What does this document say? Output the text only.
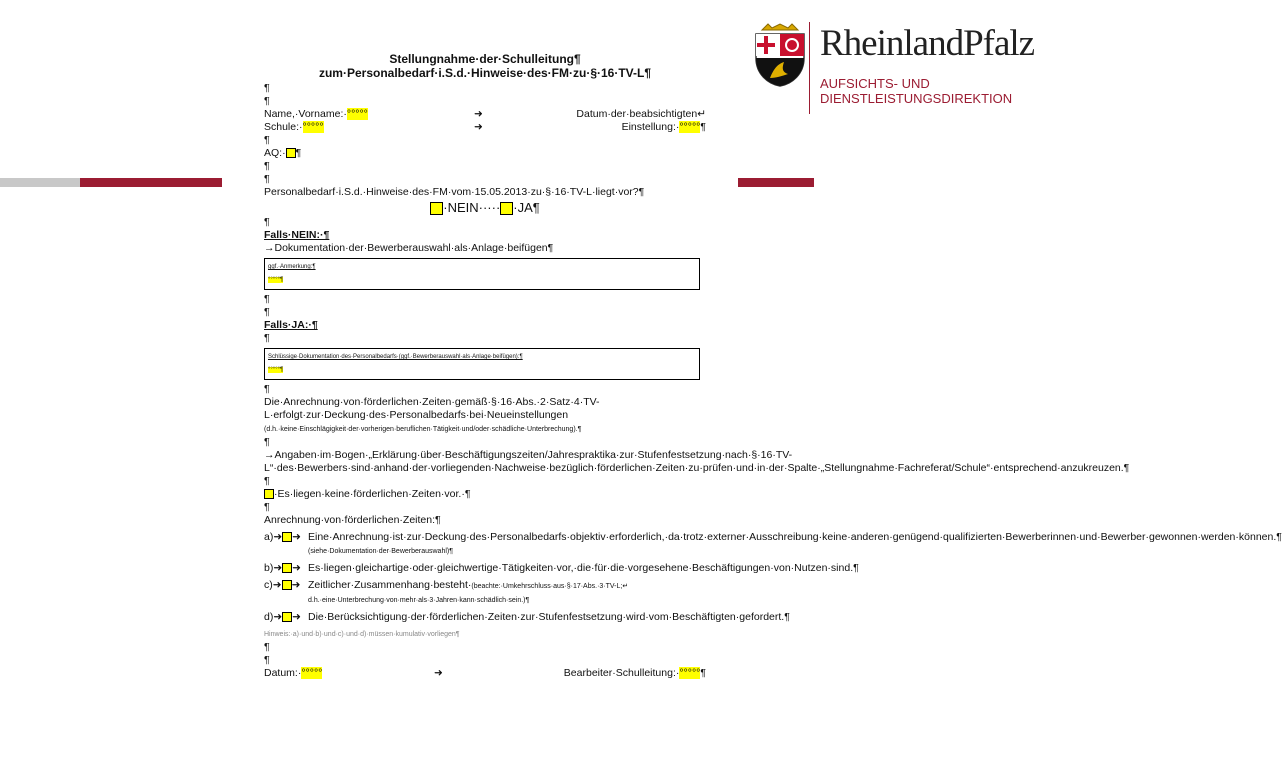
RheinlandPfalz
AUFSICHTS- UND
DIENSTLEISTUNGSDIREKTION
Stellungnahme·der·Schulleitung¶
zum·Personalbedarf·i.S.d.·Hinweise·des·FM·zu·§·16·TV-L¶
¶
¶
Name,·Vorname:·°°°°°	➜	Datum·der·beabsichtigten↵
Schule:·°°°°°	➜	Einstellung:·°°°°°¶
¶
AQ:· ¶
¶
¶
Personalbedarf·i.S.d.·Hinweise·des·FM·vom·15.05.2013·zu·§·16·TV-L·liegt·vor?¶
·NEIN····· ·JA¶
¶
Falls·NEIN:·¶
→Dokumentation·der·Bewerberauswahl·als·Anlage·beifügen¶
ggf.·Anmerkung:¶
°°°°°¶
¶
¶
Falls·JA:·¶
¶
Schlüssige·Dokumentation·des·Personalbedarfs·(ggf.·Bewerberauswahl·als·Anlage·beifügen):¶
°°°°°¶
¶
Die·Anrechnung·von·förderlichen·Zeiten·gemäß·§·16·Abs.·2·Satz·4·TV-L·erfolgt·zur·Deckung·des·Personalbedarfs·bei·Neueinstellungen (d.h.·keine·Einschlägigkeit·der·vorherigen·beruflichen·Tätigkeit·und/oder·schädliche·Unterbrechung).¶
¶
→Angaben·im·Bogen·„Erklärung·über·Beschäftigungszeiten/Jahrespraktika·zur·Stufenfestsetzung·nach·§·16·TV-L“·des·Bewerbers·sind·anhand·der·vorliegenden·Nachweise·bezüglich·förderlichen·Zeiten·zu·prüfen·und·in·der·Spalte·„Stellungnahme·Fachreferat/Schule“·entsprechend·anzukreuzen.¶
¶
·Es·liegen·keine·förderlichen·Zeiten·vor.·¶
¶
Anrechnung·von·förderlichen·Zeiten:¶
a)➜ ➜ Eine·Anrechnung·ist·zur·Deckung·des·Personalbedarfs·objektiv·erforderlich,·da·trotz·externer·Ausschreibung·keine·anderen·genügend·qualifizierten·Bewerberinnen·und·Bewerber·gewonnen·werden·können.¶
(siehe·Dokumentation·der·Bewerberauswahl)¶
b)➜ ➜ Es·liegen·gleichartige·oder·gleichwertige·Tätigkeiten·vor,·die·für·die·vorgesehene·Beschäftigungen·von·Nutzen·sind.¶
c)➜ ➜ Zeitlicher·Zusammenhang·besteht·(beachte:·Umkehrschluss·aus·§·17·Abs.·3·TV-L;↵ d.h.·eine·Unterbrechung·von·mehr·als·3·Jahren·kann·schädlich·sein.)¶
d)➜ ➜ Die·Berücksichtigung·der·förderlichen·Zeiten·zur·Stufenfestsetzung·wird·vom·Beschäftigten·gefordert.¶
Hinweis:·a)·und·b)·und·c)·und·d)·müssen·kumulativ·vorliegen¶
¶
¶
Datum:·°°°°°	➜	Bearbeiter·Schulleitung:·°°°°°¶
